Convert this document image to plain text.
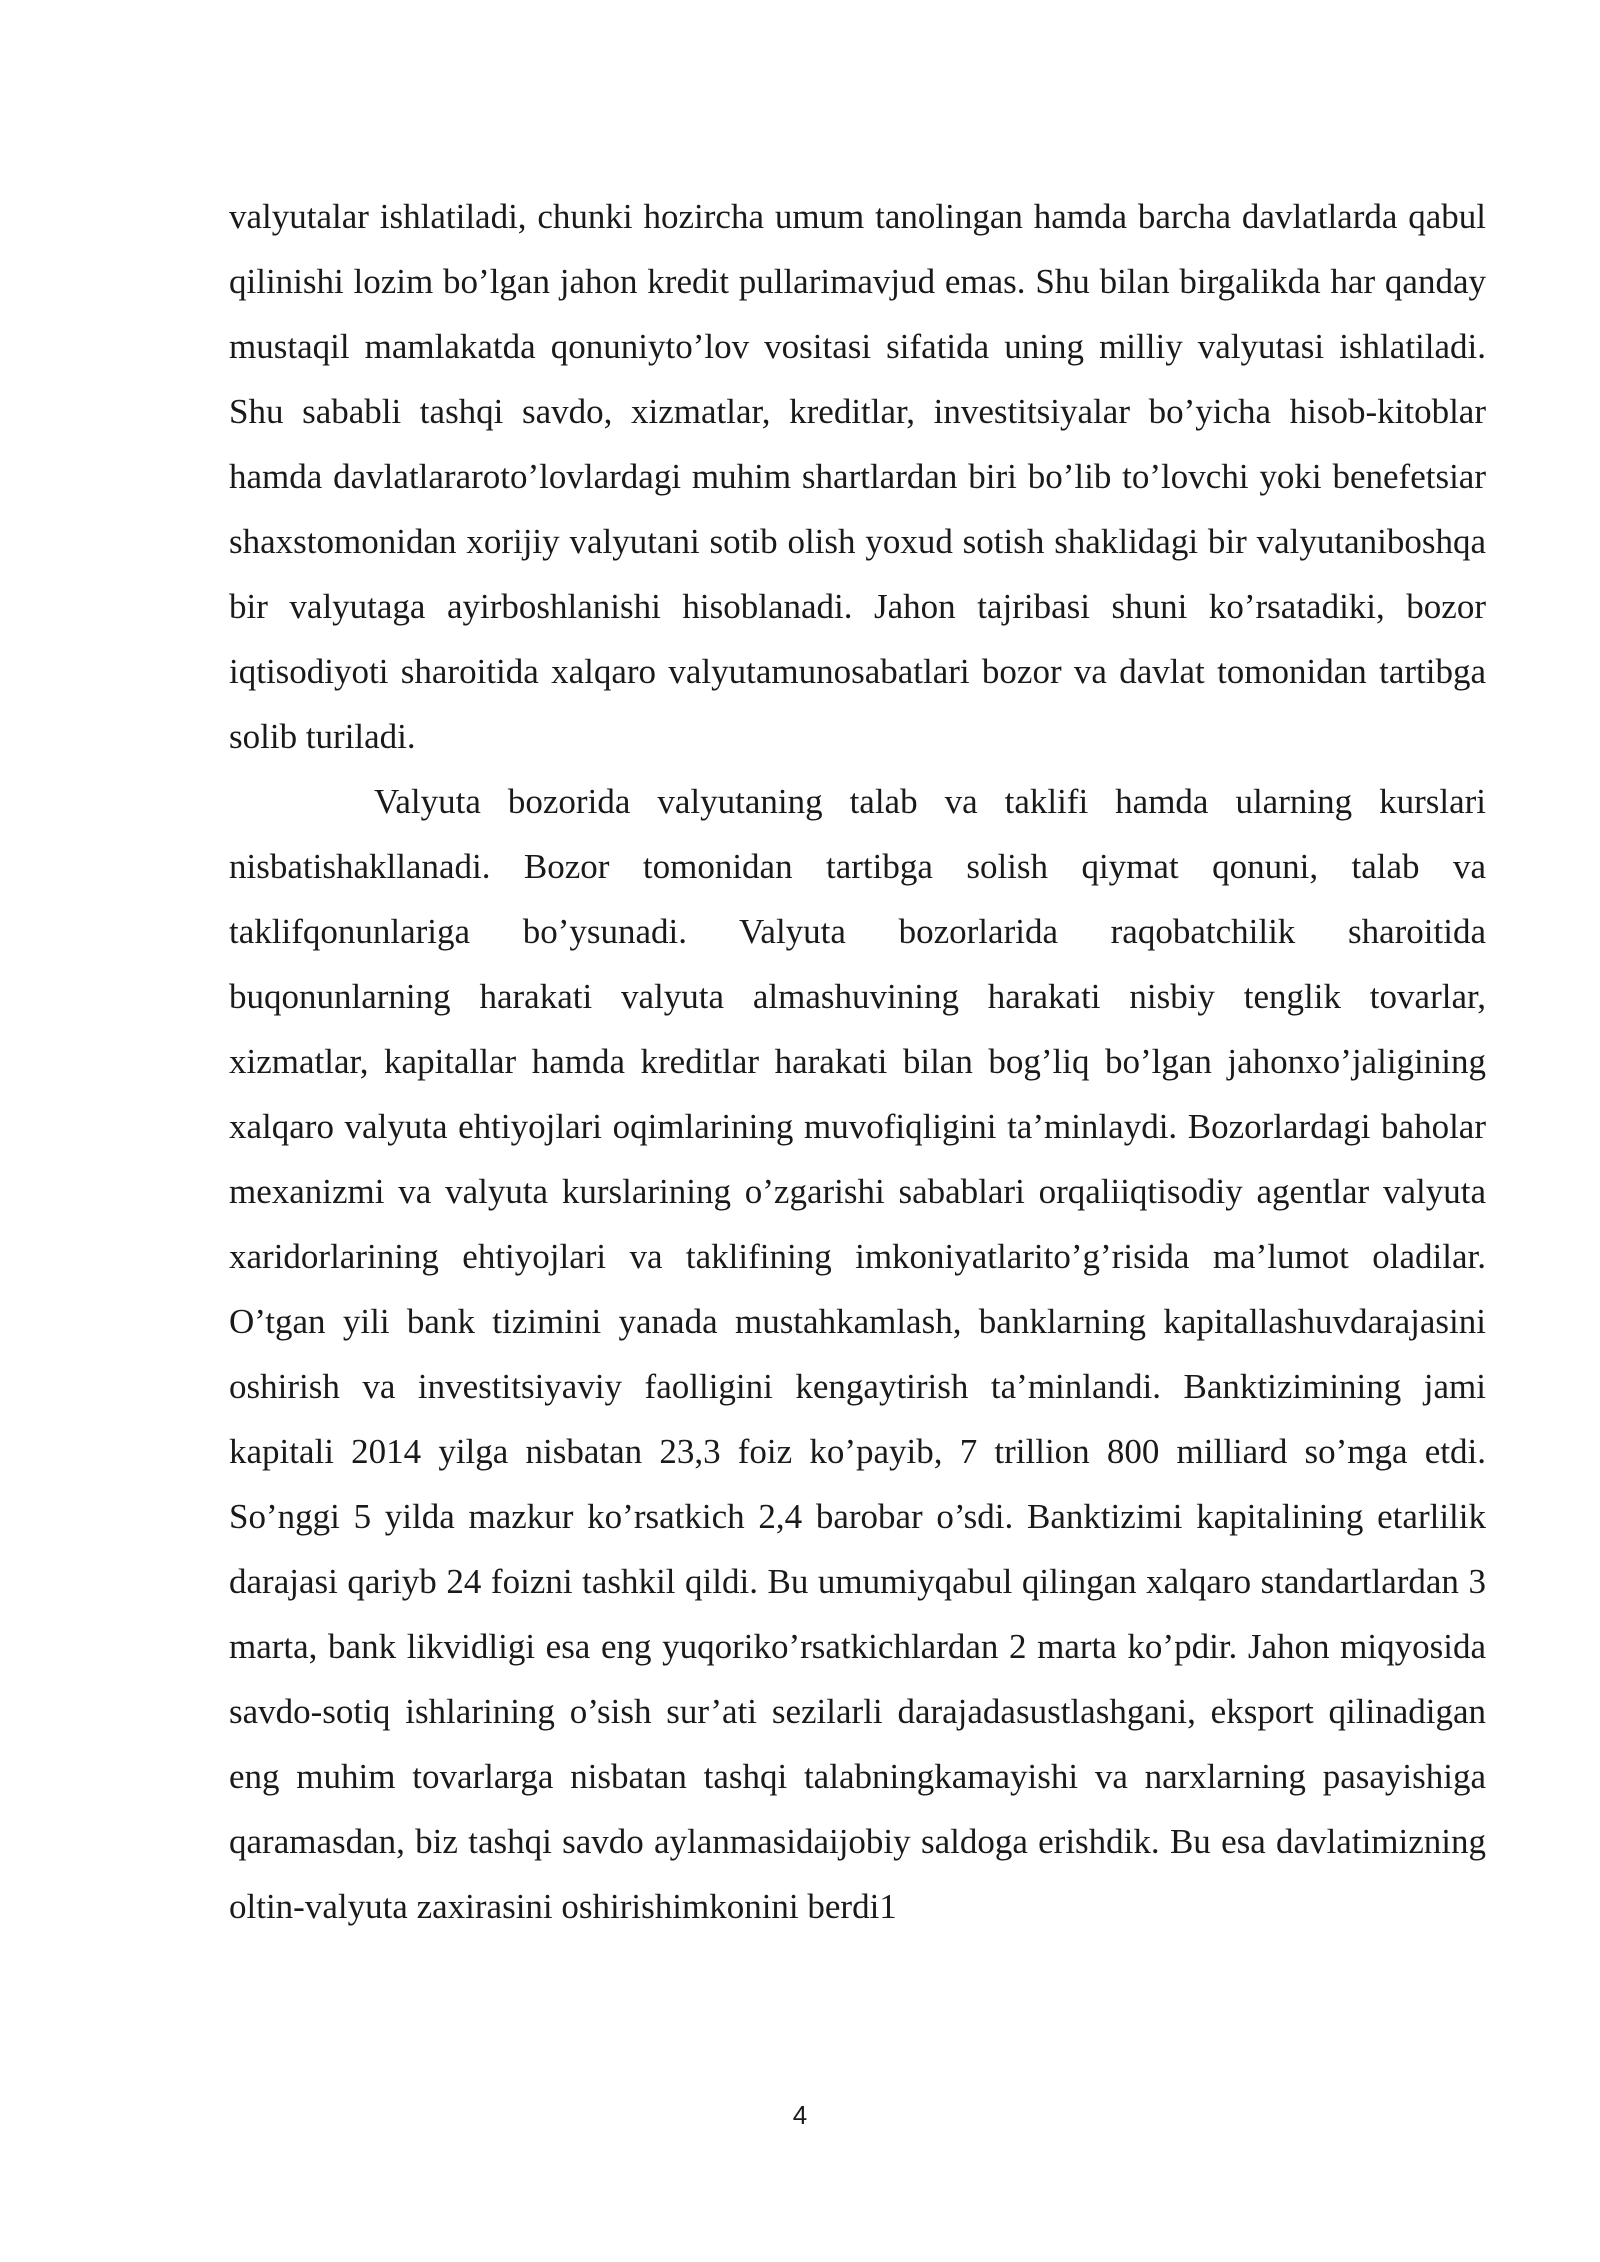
valyutalar ishlatiladi, chunki hozircha umum tanolingan hamda barcha davlatlarda qabul qilinishi lozim bo’lgan jahon kredit pullarimavjud emas. Shu bilan birgalikda har qanday mustaqil mamlakatda qonuniyto’lov vositasi sifatida uning milliy valyutasi ishlatiladi. Shu sababli tashqi savdo, xizmatlar, kreditlar, investitsiyalar bo’yicha hisob-kitoblar hamda davlatlararoto’lovlardagi muhim shartlardan biri bo’lib to’lovchi yoki benefetsiar shaxstomonidan xorijiy valyutani sotib olish yoxud sotish shaklidagi bir valyutaniboshqa bir valyutaga ayirboshlanishi hisoblanadi. Jahon tajribasi shuni ko’rsatadiki, bozor iqtisodiyoti sharoitida xalqaro valyutamunosabatlari bozor va davlat tomonidan tartibga solib turiladi.

Valyuta bozorida valyutaning talab va taklifi hamda ularning kurslari nisbatishakllanadi. Bozor tomonidan tartibga solish qiymat qonuni, talab va taklifqonunlariga bo’ysunadi. Valyuta bozorlarida raqobatchilik sharoitida buqonunlarning harakati valyuta almashuvining harakati nisbiy tenglik tovarlar, xizmatlar, kapitallar hamda kreditlar harakati bilan bog’liq bo’lgan jahonxo’jaligining xalqaro valyuta ehtiyojlari oqimlarining muvofiqligini ta’minlaydi. Bozorlardagi baholar mexanizmi va valyuta kurslarining o’zgarishi sabablari orqaliiqtisodiy agentlar valyuta xaridorlarining ehtiyojlari va taklifining imkoniyatlarito’g’risida ma’lumot oladilar. O’tgan yili bank tizimini yanada mustahkamlash, banklarning kapitallashuvdarajasini oshirish va investitsiyaviy faolligini kengaytirish ta’minlandi. Banktizimining jami kapitali 2014 yilga nisbatan 23,3 foiz ko’payib, 7 trillion 800 milliard so’mga etdi. So’nggi 5 yilda mazkur ko’rsatkich 2,4 barobar o’sdi. Banktizimi kapitalining etarlilik darajasi qariyb 24 foizni tashkil qildi. Bu umumiyqabul qilingan xalqaro standartlardan 3 marta, bank likvidligi esa eng yuqoriko’rsatkichlardan 2 marta ko’pdir. Jahon miqyosida savdo-sotiq ishlarining o’sish sur’ati sezilarli darajadasustlashgani, eksport qilinadigan eng muhim tovarlarga nisbatan tashqi talabningkamayishi va narxlarning pasayishiga qaramasdan, biz tashqi savdo aylanmasidaijobiy saldoga erishdik. Bu esa davlatimizning oltin-valyuta zaxirasini oshirishimkonini berdi1

4
